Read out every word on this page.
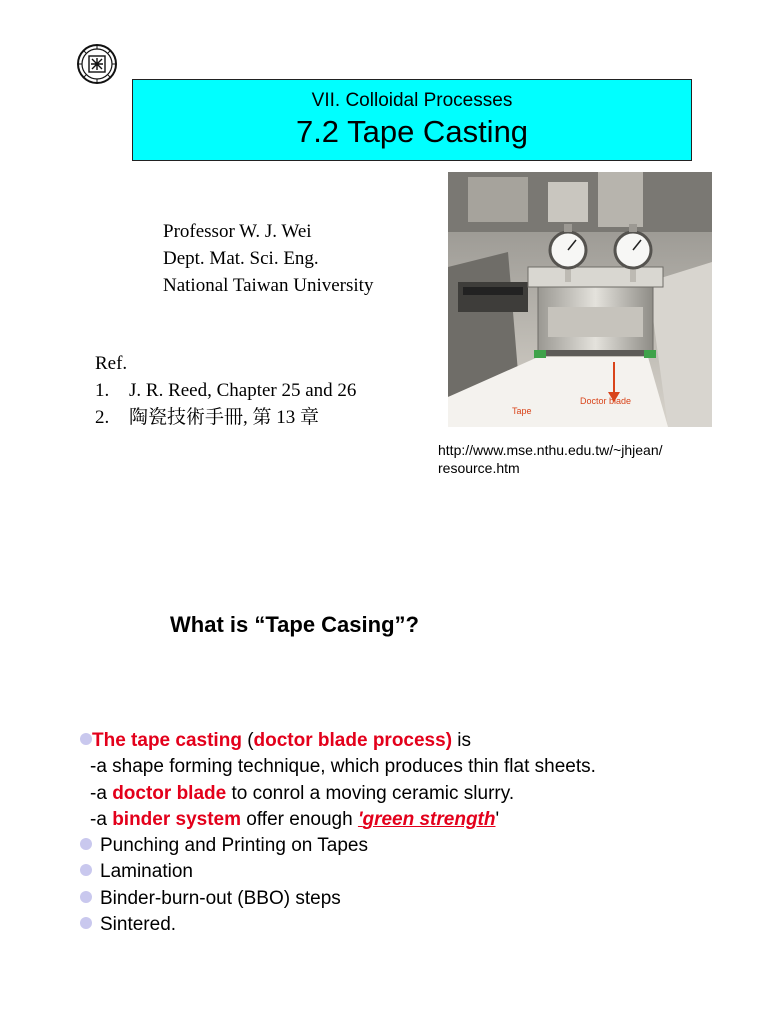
VII. Colloidal Processes
7.2 Tape Casting
Professor W. J. Wei
Dept. Mat. Sci. Eng.
National Taiwan University
Ref.
1. J. R. Reed, Chapter 25 and 26
2. 陶瓷技術手冊, 第 13 章	Tape
Doctor blade
http://www.mse.nthu.edu.tw/~jhjean/
resource.htm
What is “Tape Casing”?
The tape casting (doctor blade process) is
-a shape forming technique, which produces thin flat sheets.
-a doctor blade to conrol a moving ceramic slurry.
-a binder system offer enough 'green strength'
Punching and Printing on Tapes
Lamination
Binder-burn-out (BBO) steps
Sintered.
